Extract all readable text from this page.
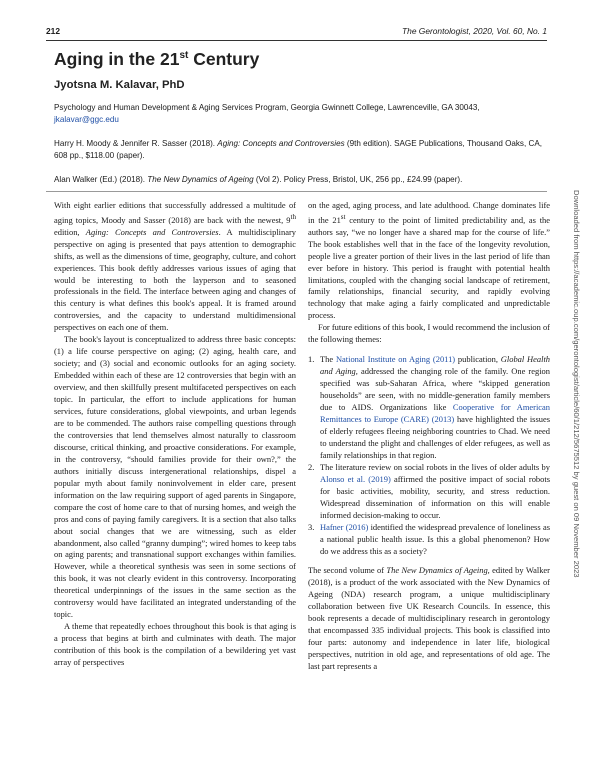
212	The Gerontologist, 2020, Vol. 60, No. 1
Aging in the 21st Century
Jyotsna M. Kalavar, PhD
Psychology and Human Development & Aging Services Program, Georgia Gwinnett College, Lawrenceville, GA 30043,
jkalavar@ggc.edu
Harry H. Moody & Jennifer R. Sasser (2018). Aging: Concepts and Controversies (9th edition). SAGE Publications, Thousand Oaks, CA, 608 pp., $118.00 (paper).
Alan Walker (Ed.) (2018). The New Dynamics of Ageing (Vol 2). Policy Press, Bristol, UK, 256 pp., £24.99 (paper).

With eight earlier editions that successfully addressed a multitude of aging topics, Moody and Sasser (2018) are back with the newest, 9th edition, Aging: Concepts and Controversies. A multidisciplinary perspective on aging is presented that pays attention to demographic shifts, as well as the dimensions of time, geography, culture, and cohort experiences. This book deftly addresses various issues of aging that would be interesting to both the layperson and to seasoned professionals in the field. The interface between aging and changes of this century is what defines this book's appeal. It is framed around controversies, and the capacity to understand multidimensional perspectives on each one of them.

The book's layout is conceptualized to address three basic concepts: (1) a life course perspective on aging; (2) aging, health care, and society; and (3) social and economic outlooks for an aging society. Embedded within each of these are 12 controversies that begin with an overview, and then skillfully present multifaceted perspectives on each topic. In particular, the effort to include applications for human services, future considerations, global viewpoints, and urban legends are to be commended. The authors raise compelling questions through the controversies that lend themselves almost naturally to classroom discourse, critical thinking, and proactive considerations. For example, in the controversy, “should families provide for their own?,” the authors initially discuss intergenerational relationships, dispel a popular myth about family noninvolvement in elder care, present information on the law requiring support of aged parents in Singapore, compare the cost of home care to that of nursing homes, and weigh the pros and cons of paying family caregivers. It is a section that also talks about social changes that we are witnessing, such as elder abandonment, also called “granny dumping”; wired homes to keep tabs on aging parents; and transnational support exchanges within families. However, while a theoretical synthesis was seen in some sections of this book, it was not clearly evident in this controversy. Incorporating theoretical underpinnings of the issues in the same section as the controversy would have facilitated an integrated understanding of the topic.

A theme that repeatedly echoes throughout this book is that aging is a process that begins at birth and culminates with death. The major contribution of this book is the compilation of a bewildering yet vast array of perspectives

on the aged, aging process, and late adulthood. Change dominates life in the 21st century to the point of limited predictability and, as the authors say, “we no longer have a shared map for the course of life.” The book establishes well that in the face of the longevity revolution, people live a greater portion of their lives in the last period of life than ever before in history. This period is fraught with potential health limitations, coupled with the changing social landscape of retirement, family relationships, financial security, and rapidly evolving technology that make aging a fairly complicated and unpredictable process.

For future editions of this book, I would recommend the inclusion of the following themes:

1. The National Institute on Aging (2011) publication, Global Health and Aging, addressed the changing role of the family. One region specified was sub-Saharan Africa, where “skipped generation households” are seen, with no middle-generation family members due to AIDS. Organizations like Cooperative for American Remittances to Europe (CARE) (2013) have highlighted the issues of elderly refugees fleeing neighboring countries to Chad. We need to understand the plight and challenges of elder refugees, as well as family relationships in that region.
2. The literature review on social robots in the lives of older adults by Alonso et al. (2019) affirmed the positive impact of social robots for basic activities, mobility, security, and stress reduction. Widespread dissemination of information on this will enable informed decision-making to occur.
3. Hafner (2016) identified the widespread prevalence of loneliness as a national public health issue. Is this a global phenomenon? How do we address this as a society?

The second volume of The New Dynamics of Ageing, edited by Walker (2018), is a product of the work associated with the New Dynamics of Ageing (NDA) research program, a unique multidisciplinary collaboration between five UK Research Councils. In essence, this book represents a decade of multidisciplinary research in gerontology that encompassed 335 individual projects. This book is classified into four parts: autonomy and independence in later life, biological perspectives, nutrition in old age, and representations of old age. The last part represents a

Downloaded from https://academic.oup.com/gerontologist/article/60/1/212/5675512 by guest on 09 November 2023
